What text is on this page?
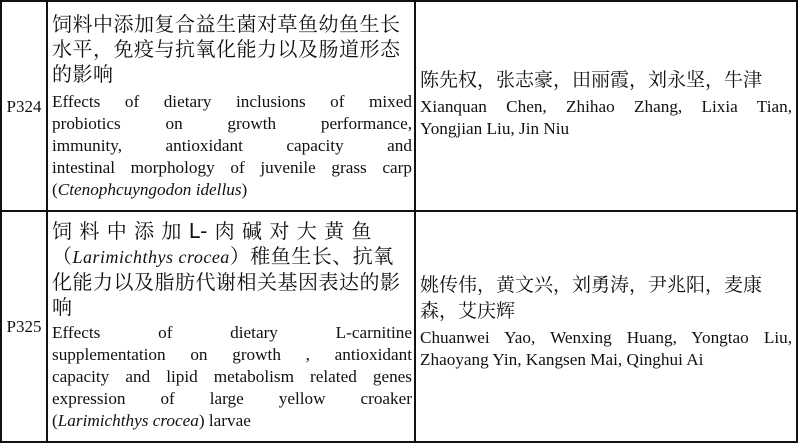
P324
饲料中添加复合益生菌对草鱼幼鱼生长
水平，免疫与抗氧化能力以及肠道形态
的影响
Effects of dietary inclusions of mixed
probiotics on growth performance,
immunity, antioxidant capacity and
intestinal morphology of juvenile grass carp
(Ctenophcuyngodon idellus)
陈先权，张志豪，田丽霞，刘永坚，牛津
Xianquan Chen, Zhihao Zhang, Lixia Tian,
Yongjian Liu, Jin Niu
P325
饲 料 中 添 加 L- 肉 碱 对 大 黄 鱼
（Larimichthys crocea）稚鱼生长、抗氧
化能力以及脂肪代谢相关基因表达的影
响
Effects of dietary L-carnitine
supplementation on growth , antioxidant
capacity and lipid metabolism related genes
expression of large yellow croaker
(Larimichthys crocea) larvae
姚传伟，黄文兴，刘勇涛，尹兆阳，麦康
森，艾庆辉
Chuanwei Yao, Wenxing Huang, Yongtao Liu,
Zhaoyang Yin, Kangsen Mai, Qinghui Ai
